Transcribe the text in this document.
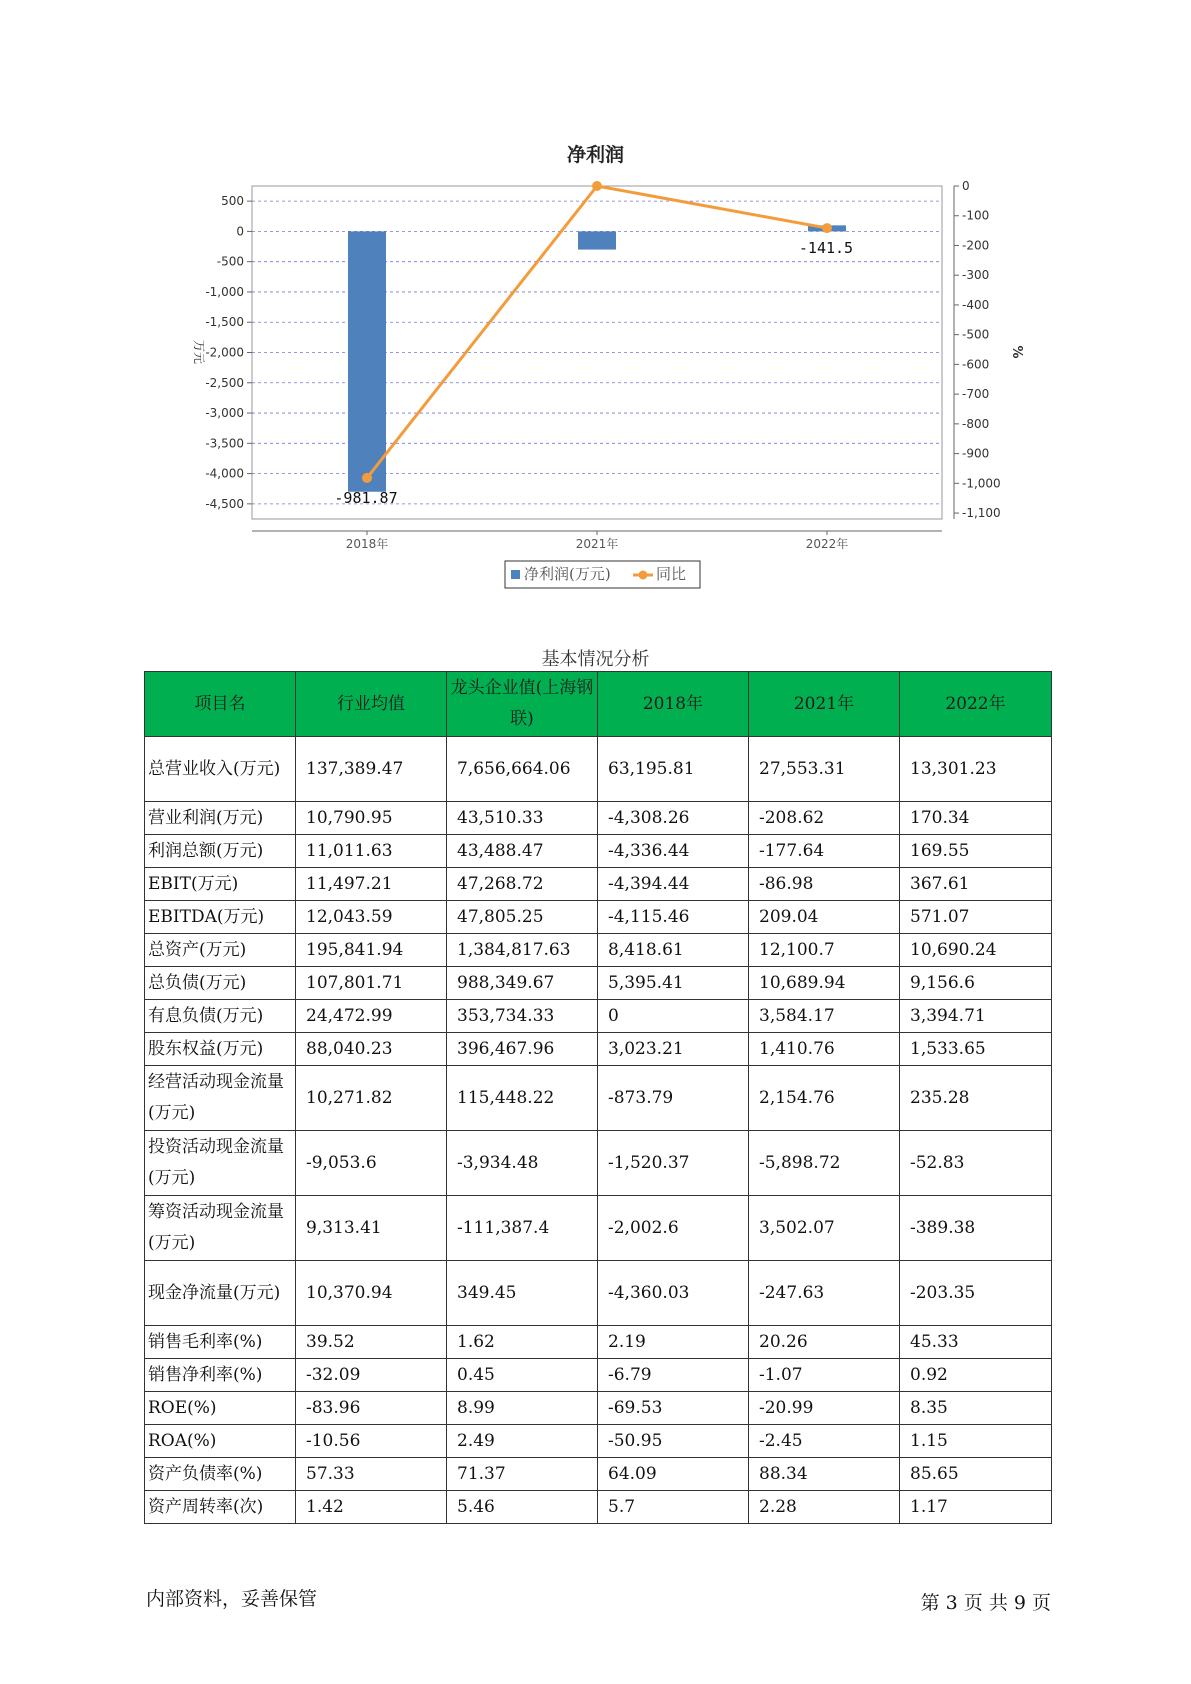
净利润
500
0
-500
-1,000
-1,500
-2,000
-2,500
-3,000
-3,500
-4,000
-4,500
0
-100
-200
-300
-400
-500
-600
-700
-800
-900
-1,000
-1,100
万元	%
2018年	2021年	2022年
-981.87
-141.5
净利润(万元)	同比
基本情况分析
项目名	行业均值	龙头企业值(上海钢联)	2018年	2021年	2022年
总营业收入(万元)	137,389.47	7,656,664.06	63,195.81	27,553.31	13,301.23
营业利润(万元)	10,790.95	43,510.33	-4,308.26	-208.62	170.34
利润总额(万元)	11,011.63	43,488.47	-4,336.44	-177.64	169.55
EBIT(万元)	11,497.21	47,268.72	-4,394.44	-86.98	367.61
EBITDA(万元)	12,043.59	47,805.25	-4,115.46	209.04	571.07
总资产(万元)	195,841.94	1,384,817.63	8,418.61	12,100.7	10,690.24
总负债(万元)	107,801.71	988,349.67	5,395.41	10,689.94	9,156.6
有息负债(万元)	24,472.99	353,734.33	0	3,584.17	3,394.71
股东权益(万元)	88,040.23	396,467.96	3,023.21	1,410.76	1,533.65
经营活动现金流量(万元)	10,271.82	115,448.22	-873.79	2,154.76	235.28
投资活动现金流量(万元)	-9,053.6	-3,934.48	-1,520.37	-5,898.72	-52.83
筹资活动现金流量(万元)	9,313.41	-111,387.4	-2,002.6	3,502.07	-389.38
现金净流量(万元)	10,370.94	349.45	-4,360.03	-247.63	-203.35
销售毛利率(%)	39.52	1.62	2.19	20.26	45.33
销售净利率(%)	-32.09	0.45	-6.79	-1.07	0.92
ROE(%)	-83.96	8.99	-69.53	-20.99	8.35
ROA(%)	-10.56	2.49	-50.95	-2.45	1.15
资产负债率(%)	57.33	71.37	64.09	88.34	85.65
资产周转率(次)	1.42	5.46	5.7	2.28	1.17
内部资料，妥善保管	第 3 页 共 9 页
